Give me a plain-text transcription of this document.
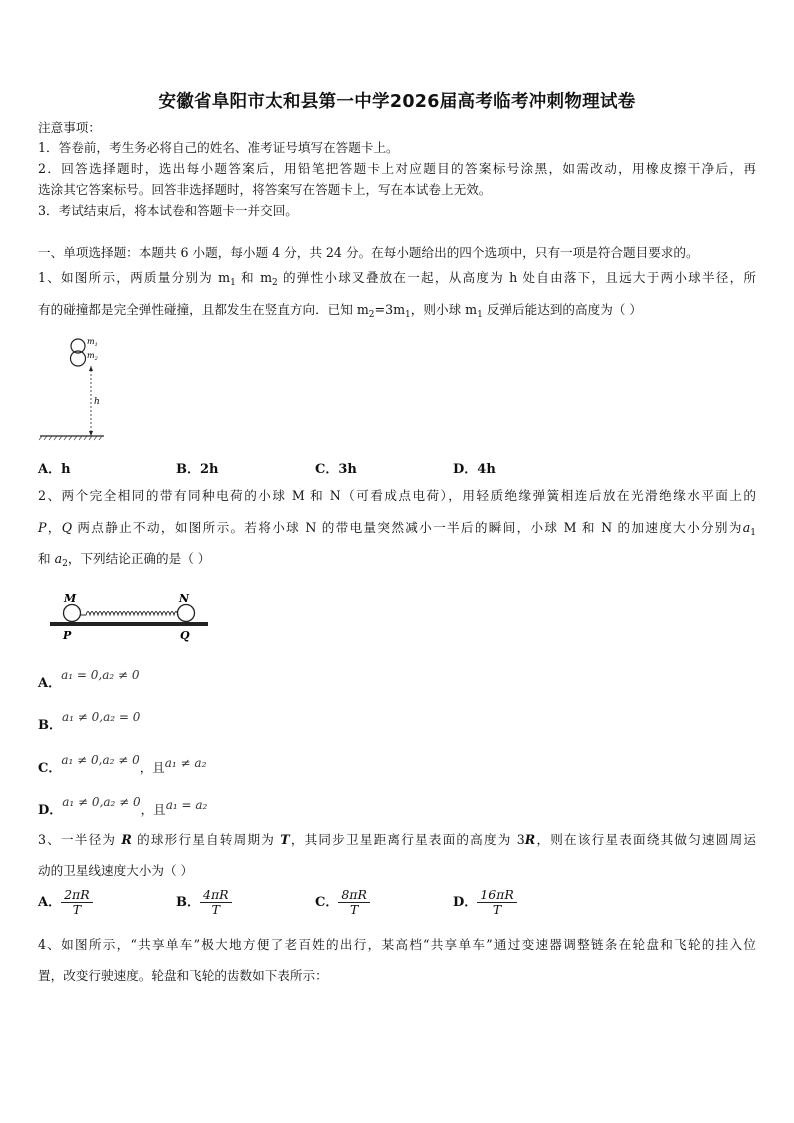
安徽省阜阳市太和县第一中学2026届高考临考冲刺物理试卷
注意事项：
1．答卷前，考生务必将自己的姓名、准考证号填写在答题卡上。
2．回答选择题时，选出每小题答案后，用铅笔把答题卡上对应题目的答案标号涂黑，如需改动，用橡皮擦干净后，再
选涂其它答案标号。回答非选择题时，将答案写在答题卡上，写在本试卷上无效。
3．考试结束后，将本试卷和答题卡一并交回。
一、单项选择题：本题共 6 小题，每小题 4 分，共 24 分。在每小题给出的四个选项中，只有一项是符合题目要求的。
1、如图所示，两质量分别为 $m_1$ 和 $m_2$ 的弹性小球叉叠放在一起，从高度为 h 处自由落下，且远大于两小球半径，所
有的碰撞都是完全弹性碰撞，且都发生在竖直方向．已知 $m_2=3m_1$，则小球 $m_1$ 反弹后能达到的高度为（ ）
$m_1$
$m_2$
h
A．h	B．2h	C．3h	D．4h
2、两个完全相同的带有同种电荷的小球 M 和 N（可看成点电荷），用轻质绝缘弹簧相连后放在光滑绝缘水平面上的
P，Q 两点静止不动，如图所示。若将小球 N 的带电量突然减小一半后的瞬间，小球 M 和 N 的加速度大小分别为$a_1$
和 $a_2$，下列结论正确的是（ ）
M	N
P	Q
A．a₁ = 0,a₂ ≠ 0
B．a₁ ≠ 0,a₂ = 0
C．a₁ ≠ 0,a₂ ≠ 0，且a₁ ≠ a₂
D．a₁ ≠ 0,a₂ ≠ 0，且a₁ = a₂
3、一半径为 R 的球形行星自转周期为 T，其同步卫星距离行星表面的高度为 3R，则在该行星表面绕其做匀速圆周运
动的卫星线速度大小为（ ）
A． $\frac{2\pi R}{T}$	B． $\frac{4\pi R}{T}$	C． $\frac{8\pi R}{T}$	D． $\frac{16\pi R}{T}$
4、如图所示，“共享单车”极大地方便了老百姓的出行，某高档“共享单车”通过变速器调整链条在轮盘和飞轮的挂入位
置，改变行驶速度。轮盘和飞轮的齿数如下表所示：
